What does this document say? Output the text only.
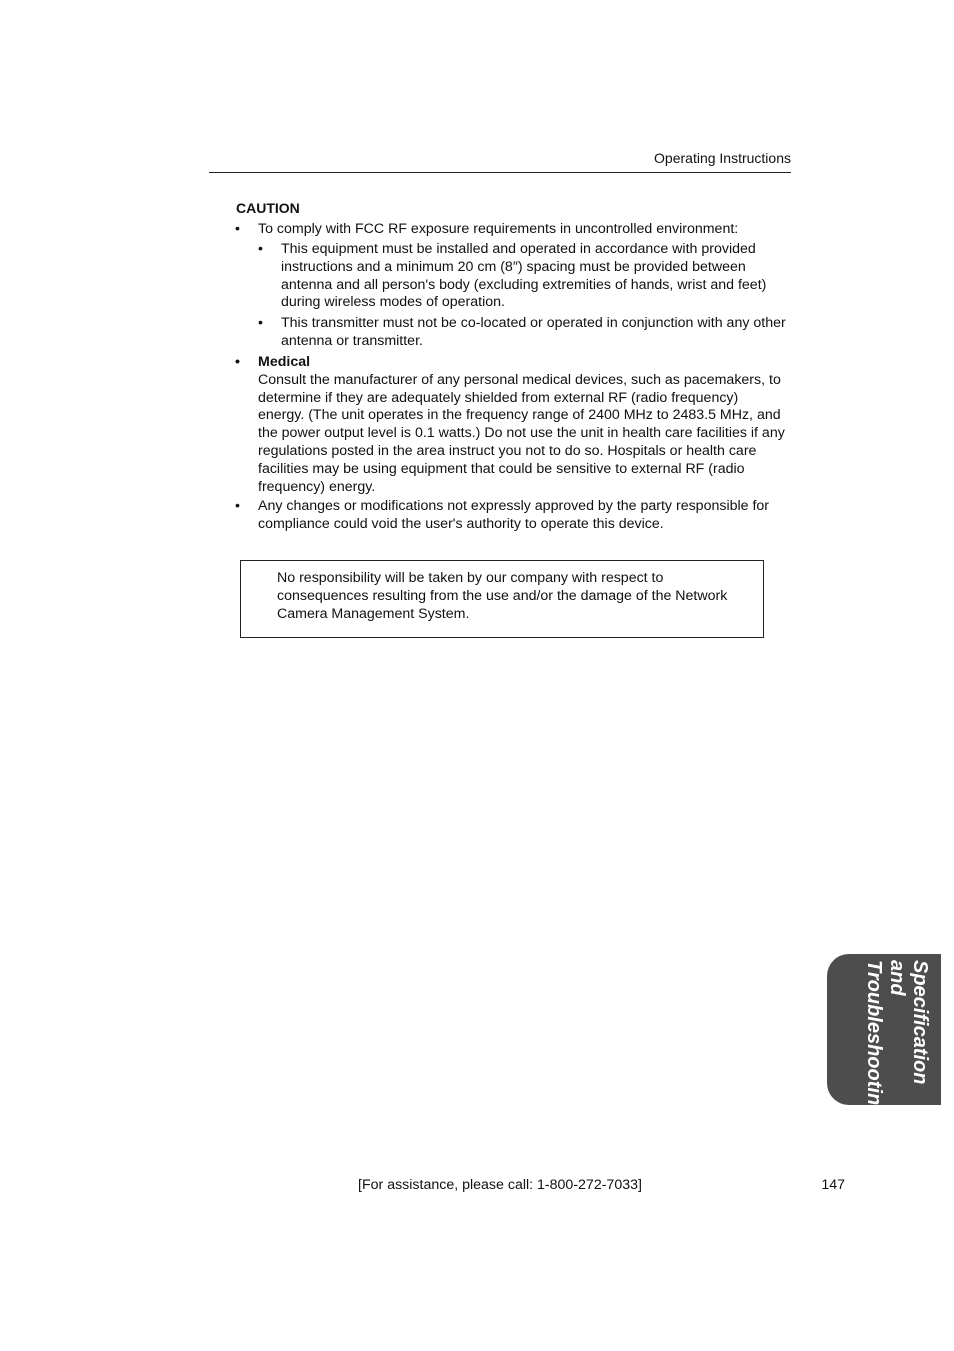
Operating Instructions
CAUTION
•	To comply with FCC RF exposure requirements in uncontrolled environment:
•	This equipment must be installed and operated in accordance with provided
instructions and a minimum 20 cm (8″) spacing must be provided between
antenna and all person's body (excluding extremities of hands, wrist and feet)
during wireless modes of operation.
•	This transmitter must not be co-located or operated in conjunction with any other
antenna or transmitter.
•	Medical
Consult the manufacturer of any personal medical devices, such as pacemakers, to
determine if they are adequately shielded from external RF (radio frequency)
energy. (The unit operates in the frequency range of 2400 MHz to 2483.5 MHz, and
the power output level is 0.1 watts.) Do not use the unit in health care facilities if any
regulations posted in the area instruct you not to do so. Hospitals or health care
facilities may be using equipment that could be sensitive to external RF (radio
frequency) energy.
•	Any changes or modifications not expressly approved by the party responsible for
compliance could void the user's authority to operate this device.
No responsibility will be taken by our company with respect to
consequences resulting from the use and/or the damage of the Network
Camera Management System.
Specification and
Troubleshooting
[For assistance, please call: 1-800-272-7033]	147
